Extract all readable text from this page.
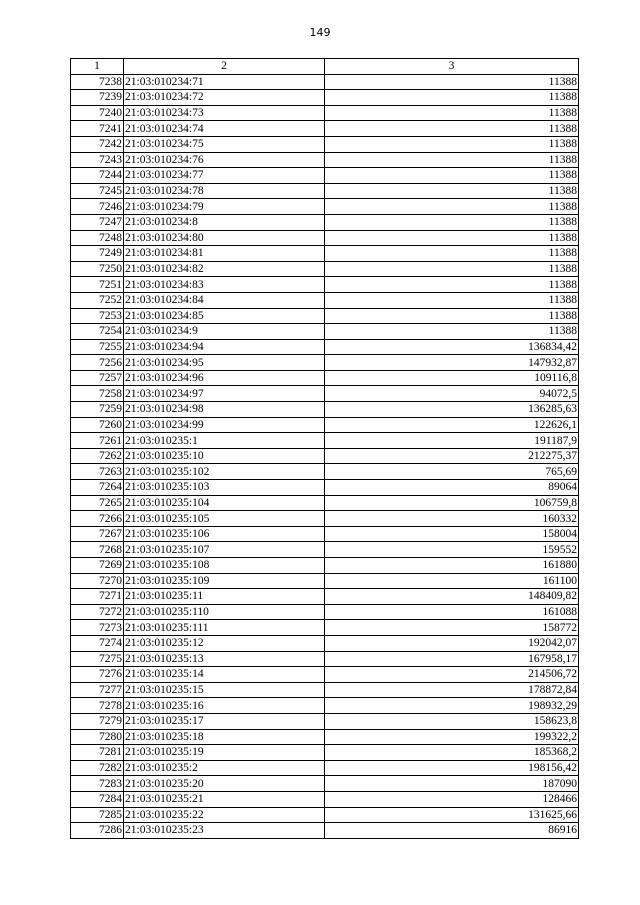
149
1	2	3
7238	21:03:010234:71	11388
7239	21:03:010234:72	11388
7240	21:03:010234:73	11388
7241	21:03:010234:74	11388
7242	21:03:010234:75	11388
7243	21:03:010234:76	11388
7244	21:03:010234:77	11388
7245	21:03:010234:78	11388
7246	21:03:010234:79	11388
7247	21:03:010234:8	11388
7248	21:03:010234:80	11388
7249	21:03:010234:81	11388
7250	21:03:010234:82	11388
7251	21:03:010234:83	11388
7252	21:03:010234:84	11388
7253	21:03:010234:85	11388
7254	21:03:010234:9	11388
7255	21:03:010234:94	136834,42
7256	21:03:010234:95	147932,87
7257	21:03:010234:96	109116,8
7258	21:03:010234:97	94072,5
7259	21:03:010234:98	136285,63
7260	21:03:010234:99	122626,1
7261	21:03:010235:1	191187,9
7262	21:03:010235:10	212275,37
7263	21:03:010235:102	765,69
7264	21:03:010235:103	89064
7265	21:03:010235:104	106759,8
7266	21:03:010235:105	160332
7267	21:03:010235:106	158004
7268	21:03:010235:107	159552
7269	21:03:010235:108	161880
7270	21:03:010235:109	161100
7271	21:03:010235:11	148409,82
7272	21:03:010235:110	161088
7273	21:03:010235:111	158772
7274	21:03:010235:12	192042,07
7275	21:03:010235:13	167958,17
7276	21:03:010235:14	214506,72
7277	21:03:010235:15	178872,84
7278	21:03:010235:16	198932,29
7279	21:03:010235:17	158623,8
7280	21:03:010235:18	199322,2
7281	21:03:010235:19	185368,2
7282	21:03:010235:2	198156,42
7283	21:03:010235:20	187090
7284	21:03:010235:21	128466
7285	21:03:010235:22	131625,66
7286	21:03:010235:23	86916
